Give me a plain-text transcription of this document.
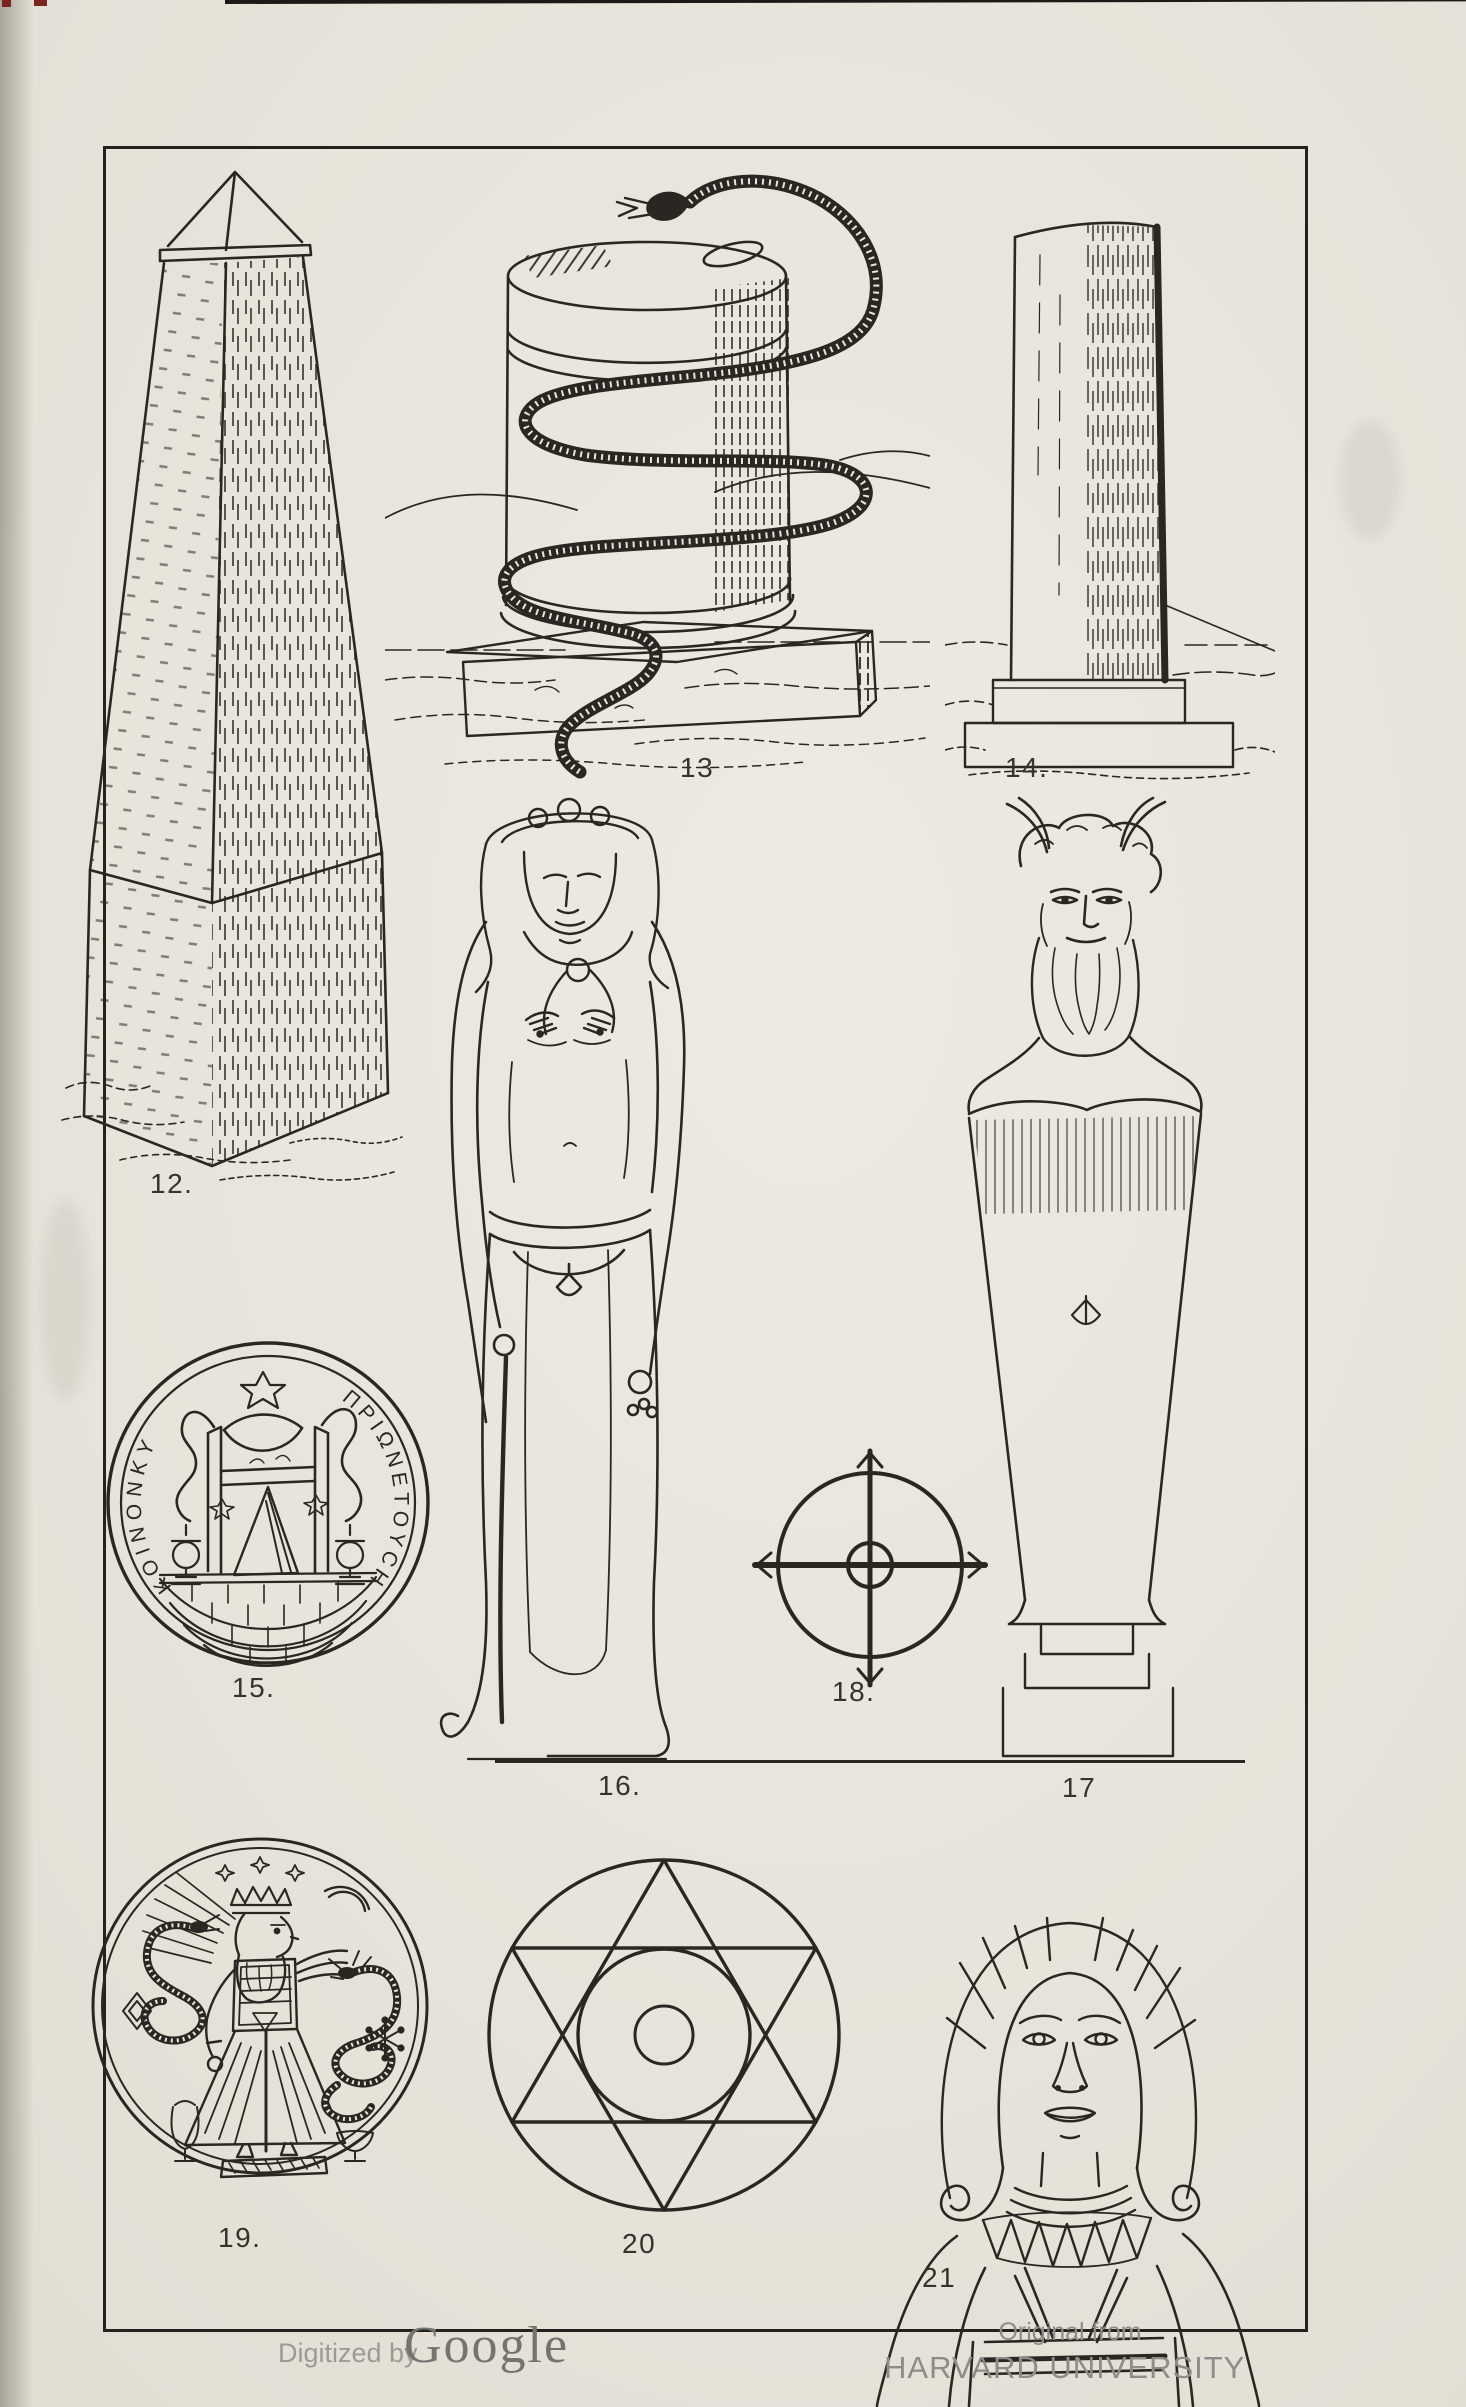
ΚΟΙΝΟΝΚΥ
ΠΡΙΩΝΕΤΟΥCΗ
12.
13	14.
15.
16.	17
18.
19.	20
21
Digitized by
Google	Original from
HARVARD UNIVERSITY
